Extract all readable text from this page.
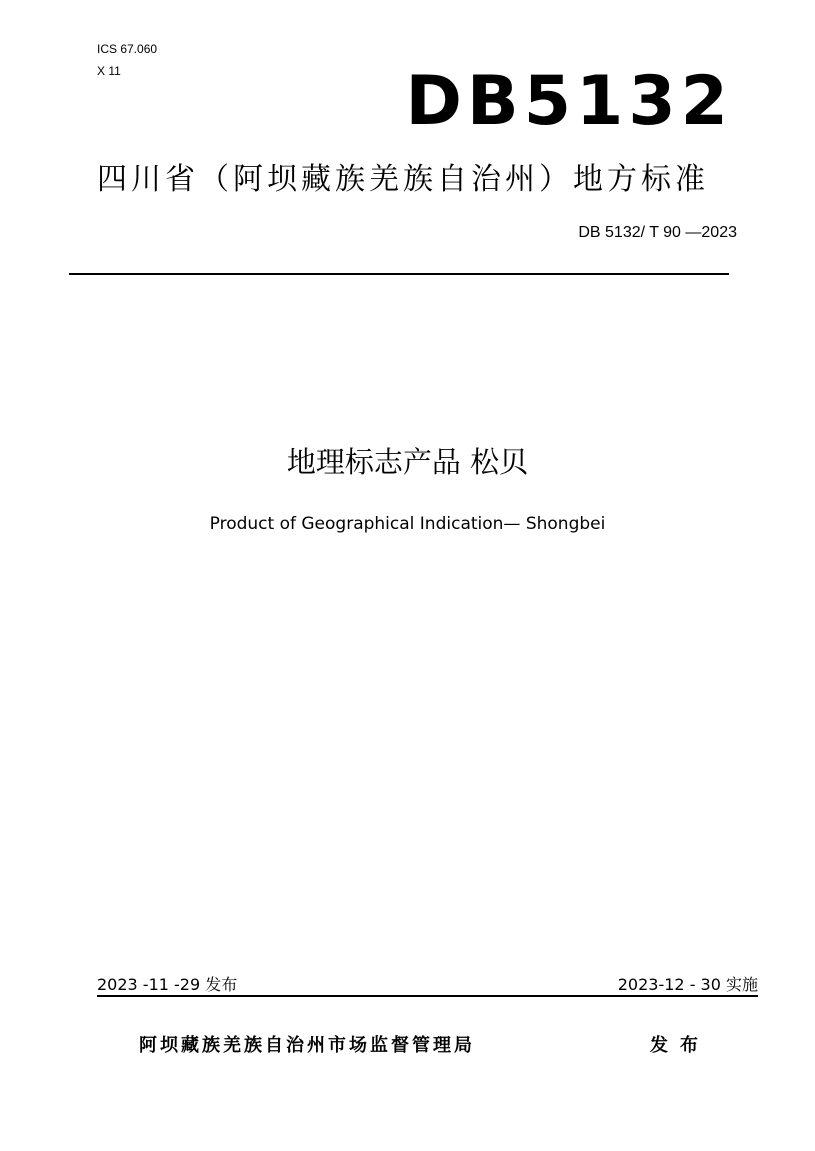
ICS 67.060
X 11	DB5132
四川省（阿坝藏族羌族自治州）地方标准
DB 5132/ T 90 —2023
地理标志产品 松贝
Product of Geographical Indication— Shongbei
2023 -11 -29 发布	2023-12 - 30 实施
阿坝藏族羌族自治州市场监督管理局	发布
